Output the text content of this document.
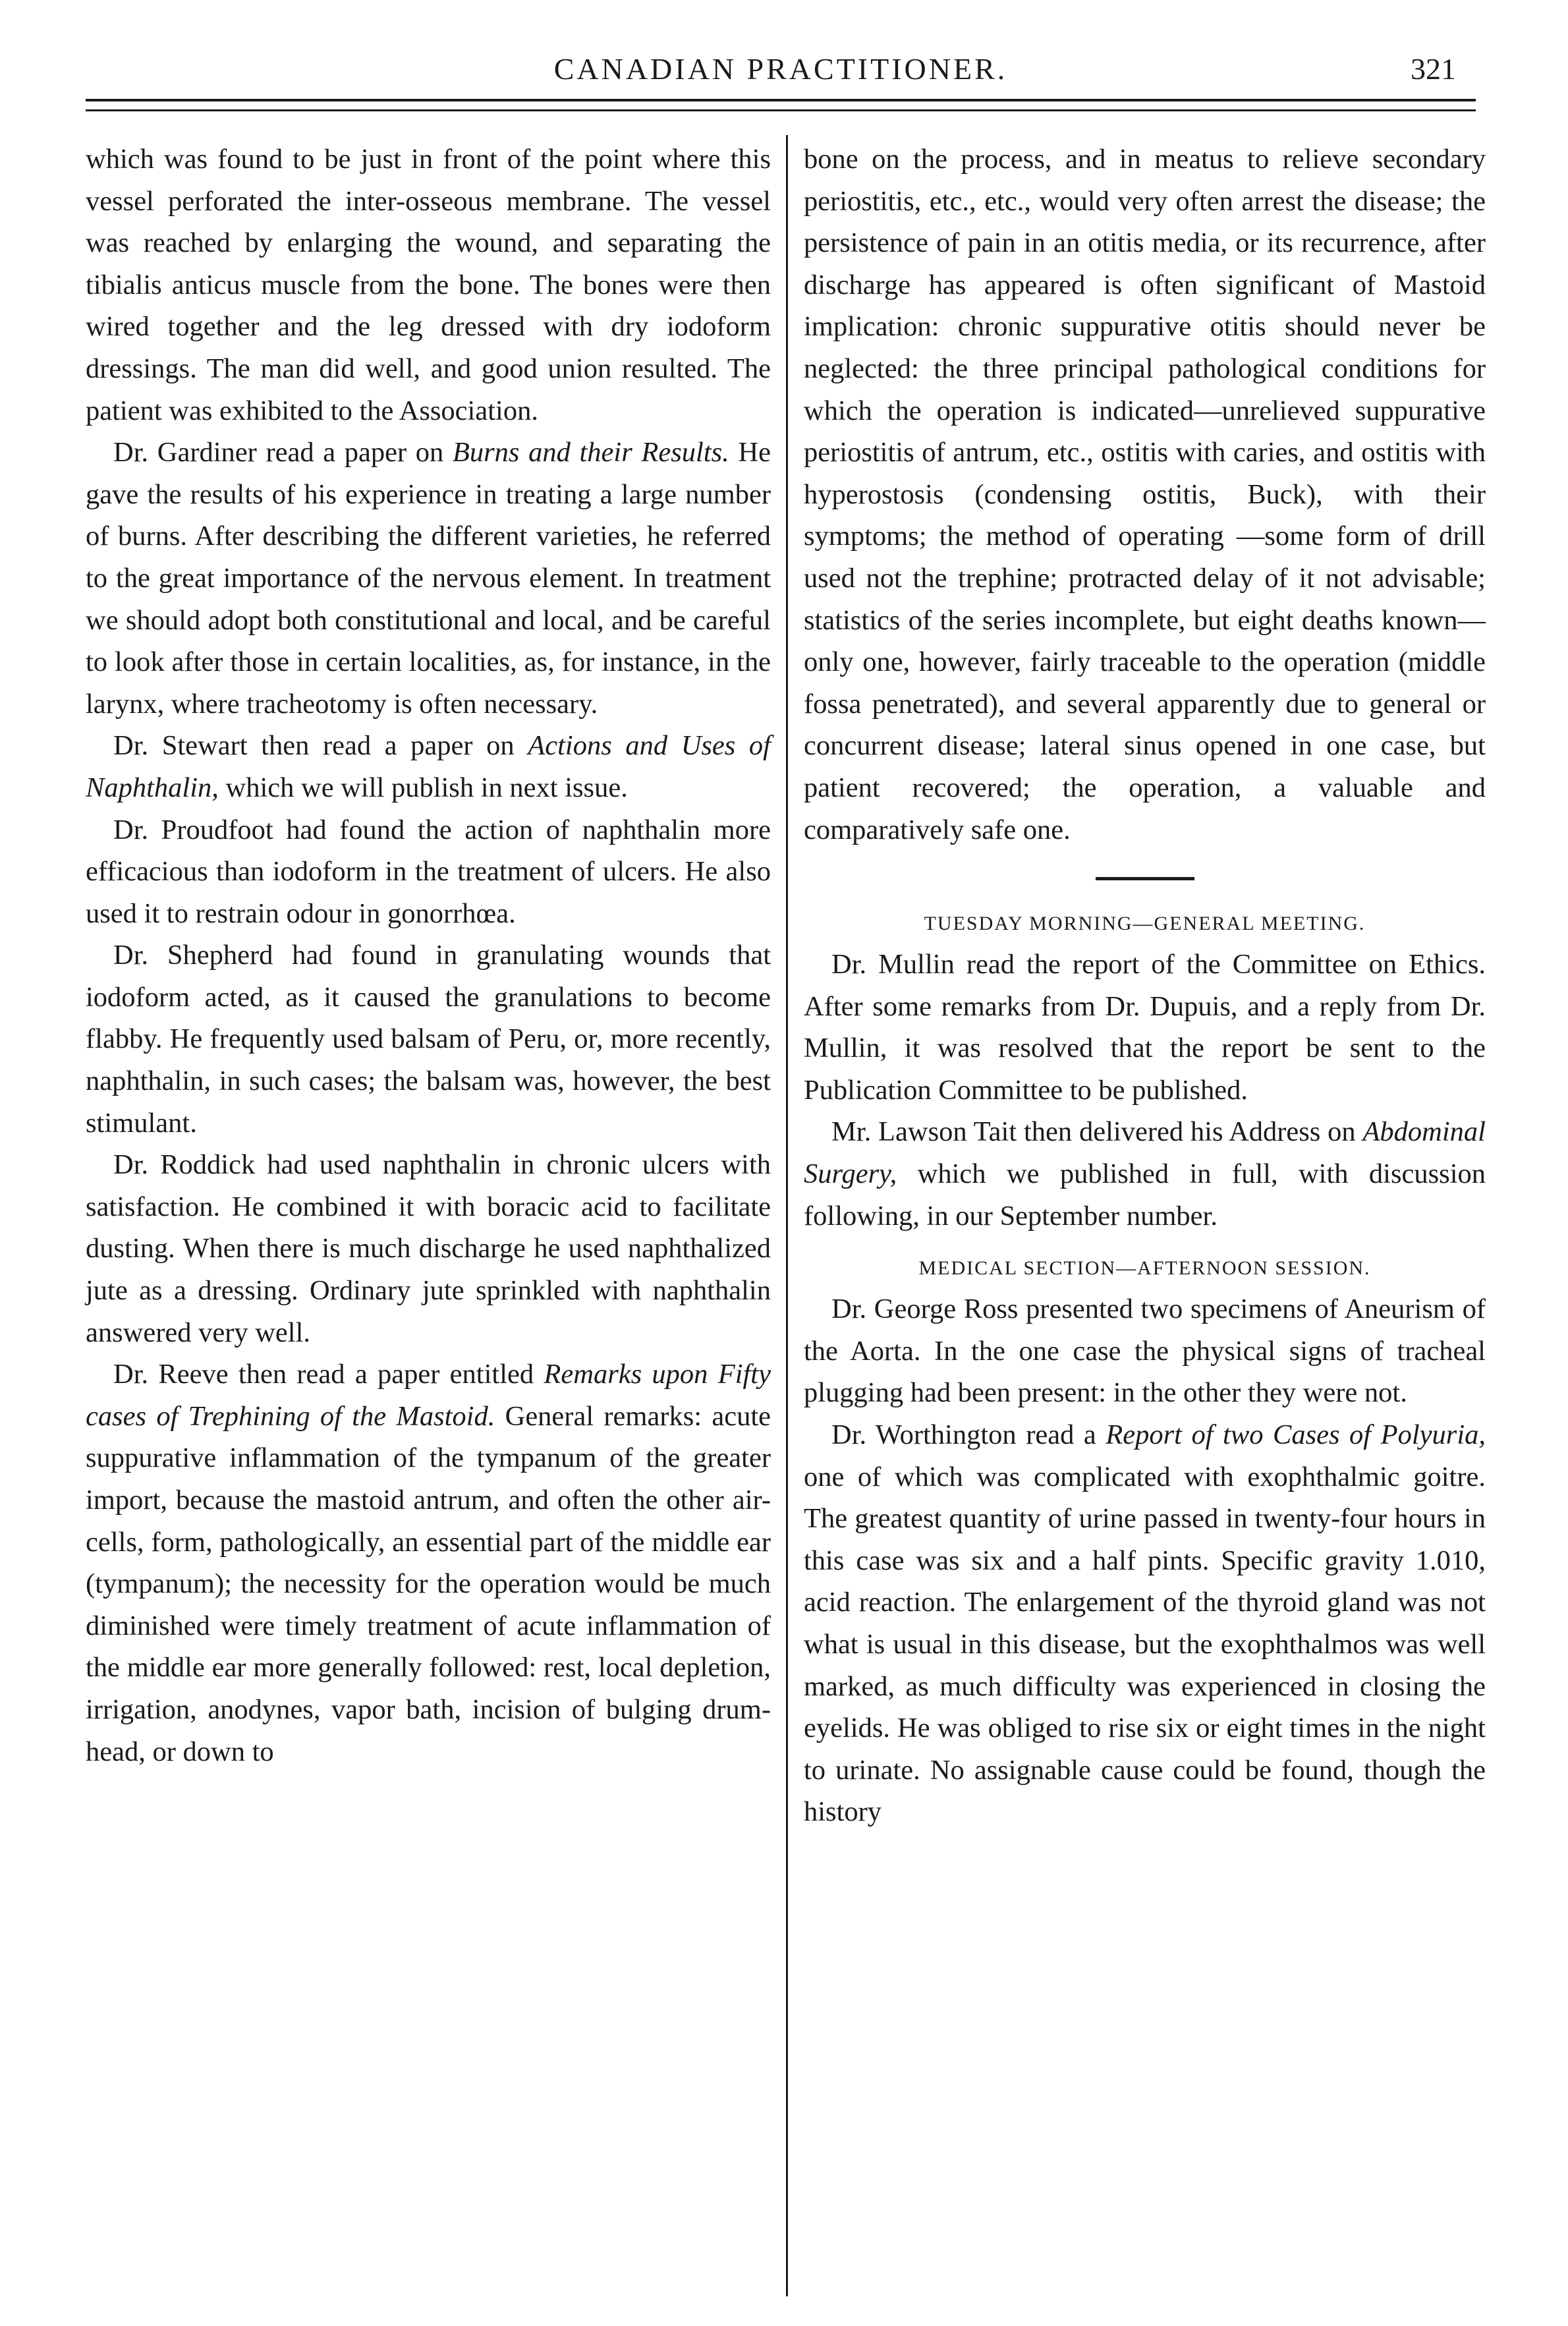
CANADIAN PRACTITIONER.	321

which was found to be just in front of the point where this vessel perforated the inter-osseous membrane. The vessel was reached by enlarging the wound, and separating the tibialis anticus muscle from the bone. The bones were then wired together and the leg dressed with dry iodoform dressings. The man did well, and good union resulted. The patient was exhibited to the Association.

Dr. Gardiner read a paper on Burns and their Results. He gave the results of his experience in treating a large number of burns. After describing the different varieties, he referred to the great importance of the nervous element. In treatment we should adopt both constitutional and local, and be careful to look after those in certain localities, as, for instance, in the larynx, where tracheotomy is often necessary.

Dr. Stewart then read a paper on Actions and Uses of Naphthalin, which we will publish in next issue.

Dr. Proudfoot had found the action of naphthalin more efficacious than iodoform in the treatment of ulcers. He also used it to restrain odour in gonorrhœa.

Dr. Shepherd had found in granulating wounds that iodoform acted, as it caused the granulations to become flabby. He frequently used balsam of Peru, or, more recently, naphthalin, in such cases; the balsam was, however, the best stimulant.

Dr. Roddick had used naphthalin in chronic ulcers with satisfaction. He combined it with boracic acid to facilitate dusting. When there is much discharge he used naphthalized jute as a dressing. Ordinary jute sprinkled with naphthalin answered very well.

Dr. Reeve then read a paper entitled Remarks upon Fifty cases of Trephining of the Mastoid. General remarks: acute suppurative inflammation of the tympanum of the greater import, because the mastoid antrum, and often the other air-cells, form, pathologically, an essential part of the middle ear (tympanum); the necessity for the operation would be much diminished were timely treatment of acute inflammation of the middle ear more generally followed: rest, local depletion, irrigation, anodynes, vapor bath, incision of bulging drum-head, or down to

bone on the process, and in meatus to relieve secondary periostitis, etc., etc., would very often arrest the disease; the persistence of pain in an otitis media, or its recurrence, after discharge has appeared is often significant of Mastoid implication: chronic suppurative otitis should never be neglected: the three principal pathological conditions for which the operation is indicated—unrelieved suppurative periostitis of antrum, etc., ostitis with caries, and ostitis with hyperostosis (condensing ostitis, Buck), with their symptoms; the method of operating —some form of drill used not the trephine; protracted delay of it not advisable; statistics of the series incomplete, but eight deaths known—only one, however, fairly traceable to the operation (middle fossa penetrated), and several apparently due to general or concurrent disease; lateral sinus opened in one case, but patient recovered; the operation, a valuable and comparatively safe one.

TUESDAY MORNING—GENERAL MEETING.

Dr. Mullin read the report of the Committee on Ethics. After some remarks from Dr. Dupuis, and a reply from Dr. Mullin, it was resolved that the report be sent to the Publication Committee to be published.

Mr. Lawson Tait then delivered his Address on Abdominal Surgery, which we published in full, with discussion following, in our September number.

MEDICAL SECTION—AFTERNOON SESSION.

Dr. George Ross presented two specimens of Aneurism of the Aorta. In the one case the physical signs of tracheal plugging had been present: in the other they were not.

Dr. Worthington read a Report of two Cases of Polyuria, one of which was complicated with exophthalmic goitre. The greatest quantity of urine passed in twenty-four hours in this case was six and a half pints. Specific gravity 1.010, acid reaction. The enlargement of the thyroid gland was not what is usual in this disease, but the exophthalmos was well marked, as much difficulty was experienced in closing the eyelids. He was obliged to rise six or eight times in the night to urinate. No assignable cause could be found, though the history
